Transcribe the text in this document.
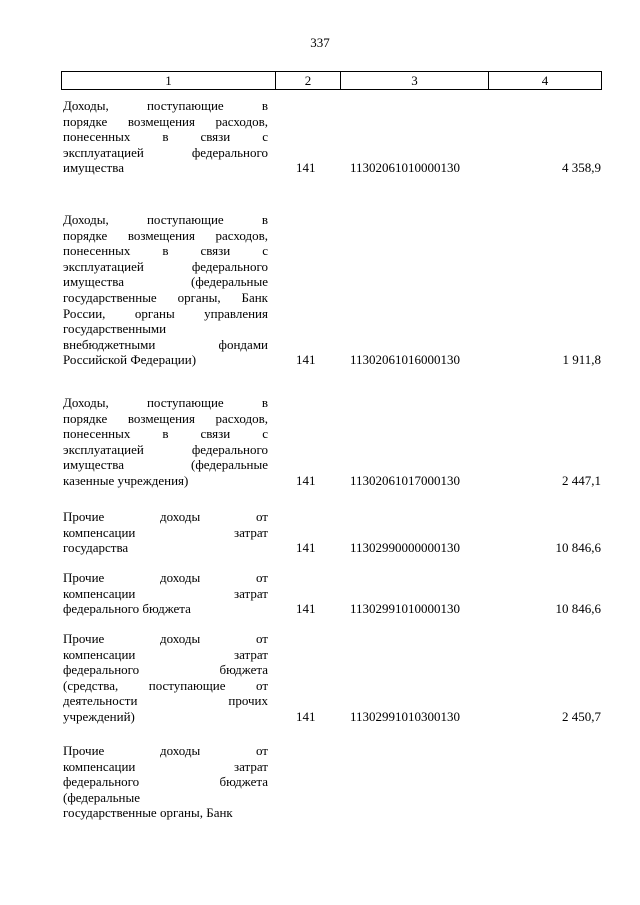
337
1	2	3	4
Доходы, поступающие в
порядке возмещения расходов,
понесенных в связи с
эксплуатацией федерального
имущества	141	11302061010000130	4 358,9
Доходы, поступающие в
порядке возмещения расходов,
понесенных в связи с
эксплуатацией федерального
имущества (федеральные
государственные органы, Банк
России, органы управления
государственными
внебюджетными фондами
Российской Федерации)	141	11302061016000130	1 911,8
Доходы, поступающие в
порядке возмещения расходов,
понесенных в связи с
эксплуатацией федерального
имущества (федеральные
казенные учреждения)	141	11302061017000130	2 447,1
Прочие доходы от
компенсации затрат
государства	141	11302990000000130	10 846,6
Прочие доходы от
компенсации затрат
федерального бюджета	141	11302991010000130	10 846,6
Прочие доходы от
компенсации затрат
федерального бюджета
(средства, поступающие от
деятельности прочих
учреждений)	141	11302991010300130	2 450,7
Прочие доходы от
компенсации затрат
федерального бюджета
(федеральные
государственные органы, Банк
